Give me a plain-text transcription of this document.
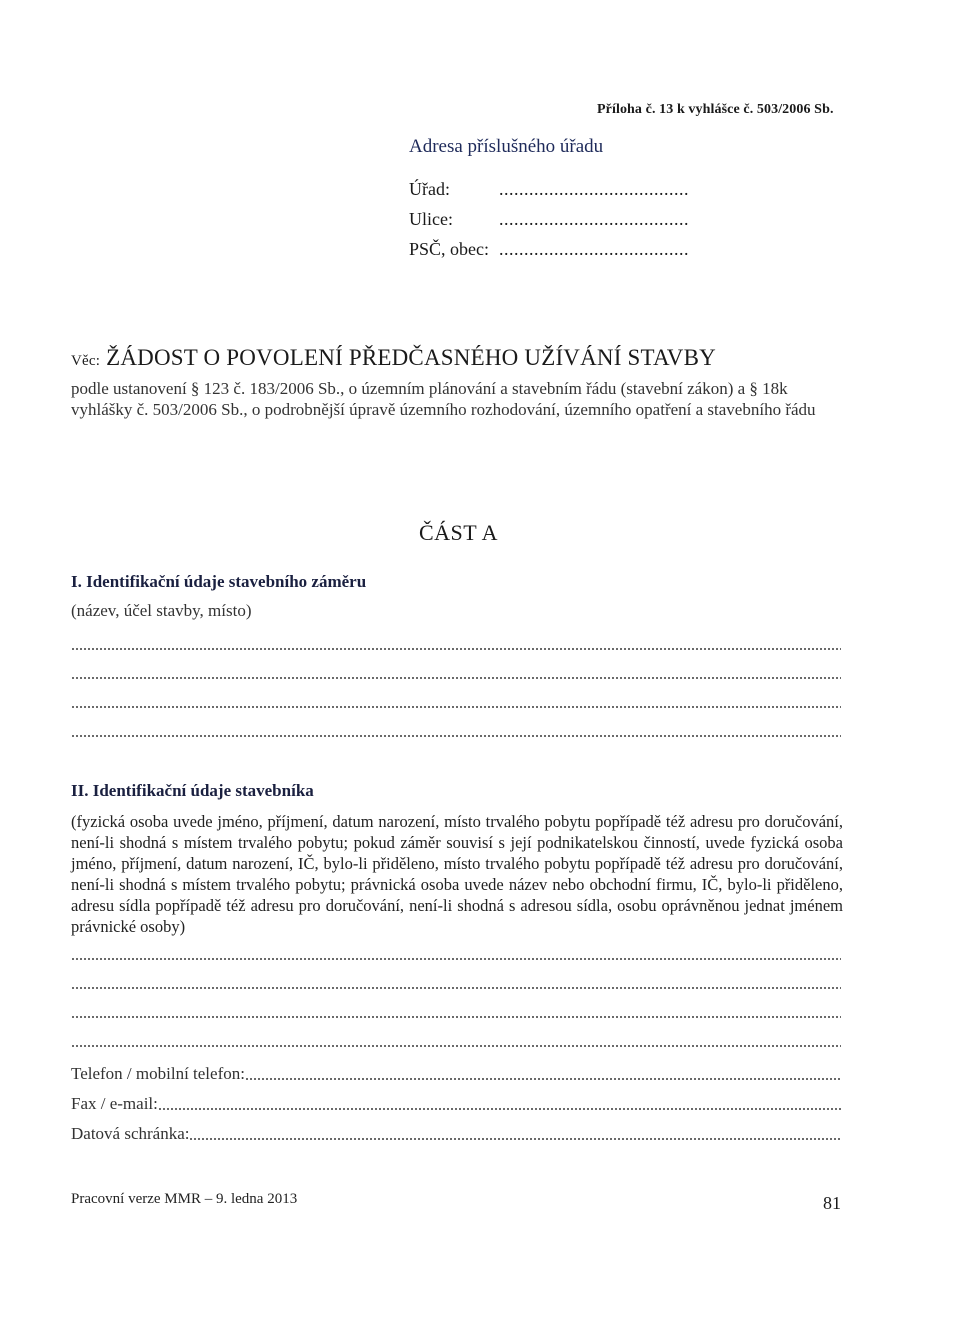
Příloha č. 13 k vyhlášce č. 503/2006 Sb.
Adresa příslušného úřadu
Úřad:	......................................
Ulice:	......................................
PSČ, obec: ......................................
Věc: ŽÁDOST O POVOLENÍ PŘEDČASNÉHO UŽÍVÁNÍ STAVBY
podle ustanovení § 123 č. 183/2006 Sb., o územním plánování a stavebním řádu (stavební zákon) a § 18k vyhlášky č. 503/2006 Sb., o podrobnější úpravě územního rozhodování, územního opatření a stavebního řádu
ČÁST A
I. Identifikační údaje stavebního záměru
(název, účel stavby, místo)
II. Identifikační údaje stavebníka
(fyzická osoba uvede jméno, příjmení, datum narození, místo trvalého pobytu popřípadě též adresu pro doručování, není-li shodná s místem trvalého pobytu; pokud záměr souvisí s její podnikatelskou činností, uvede fyzická osoba jméno, příjmení, datum narození, IČ, bylo-li přiděleno, místo trvalého pobytu popřípadě též adresu pro doručování, není-li shodná s místem trvalého pobytu; právnická osoba uvede název nebo obchodní firmu, IČ, bylo-li přiděleno, adresu sídla popřípadě též adresu pro doručování, není-li shodná s adresou sídla, osobu oprávněnou jednat jménem právnické osoby)
Telefon / mobilní telefon:
Fax / e-mail:
Datová schránka:
Pracovní verze MMR – 9. ledna 2013	81
